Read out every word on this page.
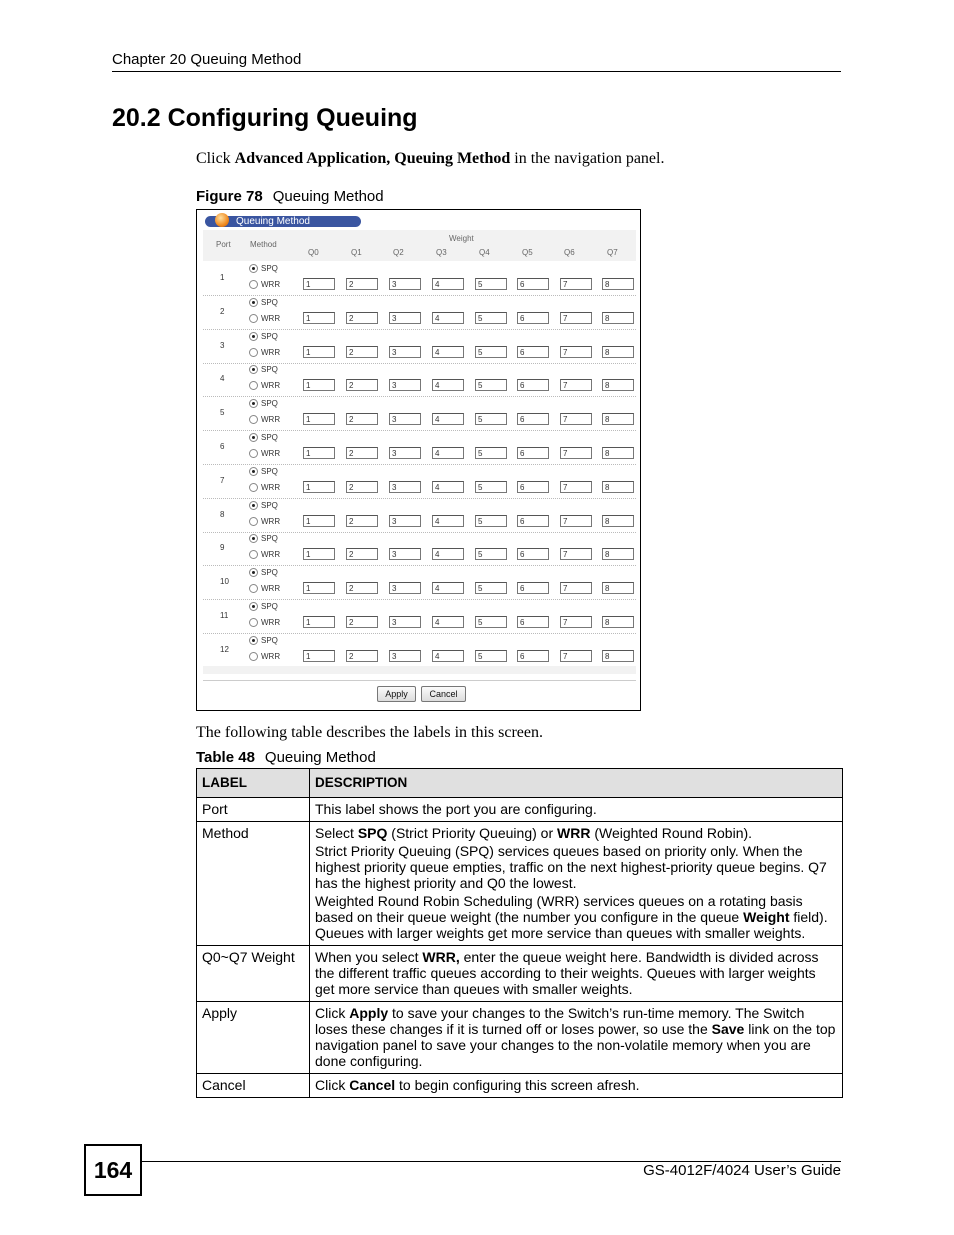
Chapter 20 Queuing Method
20.2 Configuring Queuing
Click Advanced Application, Queuing Method in the navigation panel.
Figure 78 Queuing Method
Queuing Method
Port Method
Weight
Q0	Q1	Q2	Q3	Q4	Q5	Q6	Q7
1
SPQ
WRR	1	2	3	4	5	6	7	8
2
SPQ
WRR	1	2	3	4	5	6	7	8
3
SPQ
WRR	1	2	3	4	5	6	7	8
4
SPQ
WRR	1	2	3	4	5	6	7	8
5
SPQ
WRR	1	2	3	4	5	6	7	8
6
SPQ
WRR	1	2	3	4	5	6	7	8
7
SPQ
WRR	1	2	3	4	5	6	7	8
8
SPQ
WRR	1	2	3	4	5	6	7	8
9
SPQ
WRR	1	2	3	4	5	6	7	8
10
SPQ
WRR	1	2	3	4	5	6	7	8
11
SPQ
WRR	1	2	3	4	5	6	7	8
12
SPQ
WRR	1	2	3	4	5	6	7	8
Apply	Cancel
The following table describes the labels in this screen.
Table 48 Queuing Method
LABEL	DESCRIPTION
Port	This label shows the port you are configuring.

Method	Select SPQ (Strict Priority Queuing) or WRR (Weighted Round Robin).

Strict Priority Queuing (SPQ) services queues based on priority only. When the highest priority queue empties, traffic on the next highest-priority queue begins. Q7 has the highest priority and Q0 the lowest.

Weighted Round Robin Scheduling (WRR) services queues on a rotating basis based on their queue weight (the number you configure in the queue Weight field). Queues with larger weights get more service than queues with smaller weights.

Q0~Q7 Weight	When you select WRR, enter the queue weight here. Bandwidth is divided across the different traffic queues according to their weights. Queues with larger weights get more service than queues with smaller weights.

Apply	Click Apply to save your changes to the Switch’s run-time memory. The Switch loses these changes if it is turned off or loses power, so use the Save link on the top navigation panel to save your changes to the non-volatile memory when you are done configuring.

Cancel	Click Cancel to begin configuring this screen afresh.

164	GS-4012F/4024 User’s Guide
